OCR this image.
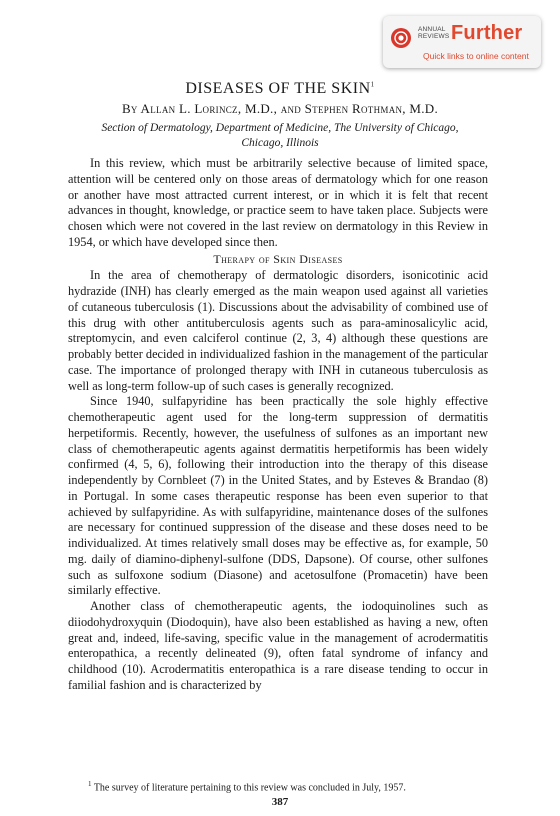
ANNUAL
REVIEWS Further
Quick links to online content
DISEASES OF THE SKIN$^1$
By Allan L. Lorincz, M.D., and Stephen Rothman, M.D.
Section of Dermatology, Department of Medicine, The University of Chicago,
Chicago, Illinois

In this review, which must be arbitrarily selective because of limited space, attention will be centered only on those areas of dermatology which for one reason or another have most attracted current interest, or in which it is felt that recent advances in thought, knowledge, or practice seem to have taken place. Subjects were chosen which were not covered in the last review on dermatology in this Review in 1954, or which have developed since then.

Therapy of Skin Diseases

In the area of chemotherapy of dermatologic disorders, isonicotinic acid hydrazide (INH) has clearly emerged as the main weapon used against all varieties of cutaneous tuberculosis (1). Discussions about the advisability of combined use of this drug with other antituberculosis agents such as para-aminosalicylic acid, streptomycin, and even calciferol continue (2, 3, 4) although these questions are probably better decided in individualized fashion in the management of the particular case. The importance of prolonged therapy with INH in cutaneous tuberculosis as well as long-term follow-up of such cases is generally recognized.

Since 1940, sulfapyridine has been practically the sole highly effective chemotherapeutic agent used for the long-term suppression of dermatitis herpetiformis. Recently, however, the usefulness of sulfones as an important new class of chemotherapeutic agents against dermatitis herpetiformis has been widely confirmed (4, 5, 6), following their introduction into the therapy of this disease independently by Cornbleet (7) in the United States, and by Esteves & Brandao (8) in Portugal. In some cases therapeutic response has been even superior to that achieved by sulfapyridine. As with sulfapyridine, maintenance doses of the sulfones are necessary for continued suppression of the disease and these doses need to be individualized. At times relatively small doses may be effective as, for example, 50 mg. daily of diamino-diphenyl-sulfone (DDS, Dapsone). Of course, other sulfones such as sulfoxone sodium (Diasone) and acetosulfone (Promacetin) have been similarly effective.

Another class of chemotherapeutic agents, the iodoquinolines such as diiodohydroxyquin (Diodoquin), have also been established as having a new, often great and, indeed, life-saving, specific value in the management of acrodermatitis enteropathica, a recently delineated (9), often fatal syndrome of infancy and childhood (10). Acrodermatitis enteropathica is a rare disease tending to occur in familial fashion and is characterized by

$^1$ The survey of literature pertaining to this review was concluded in July, 1957.
387
